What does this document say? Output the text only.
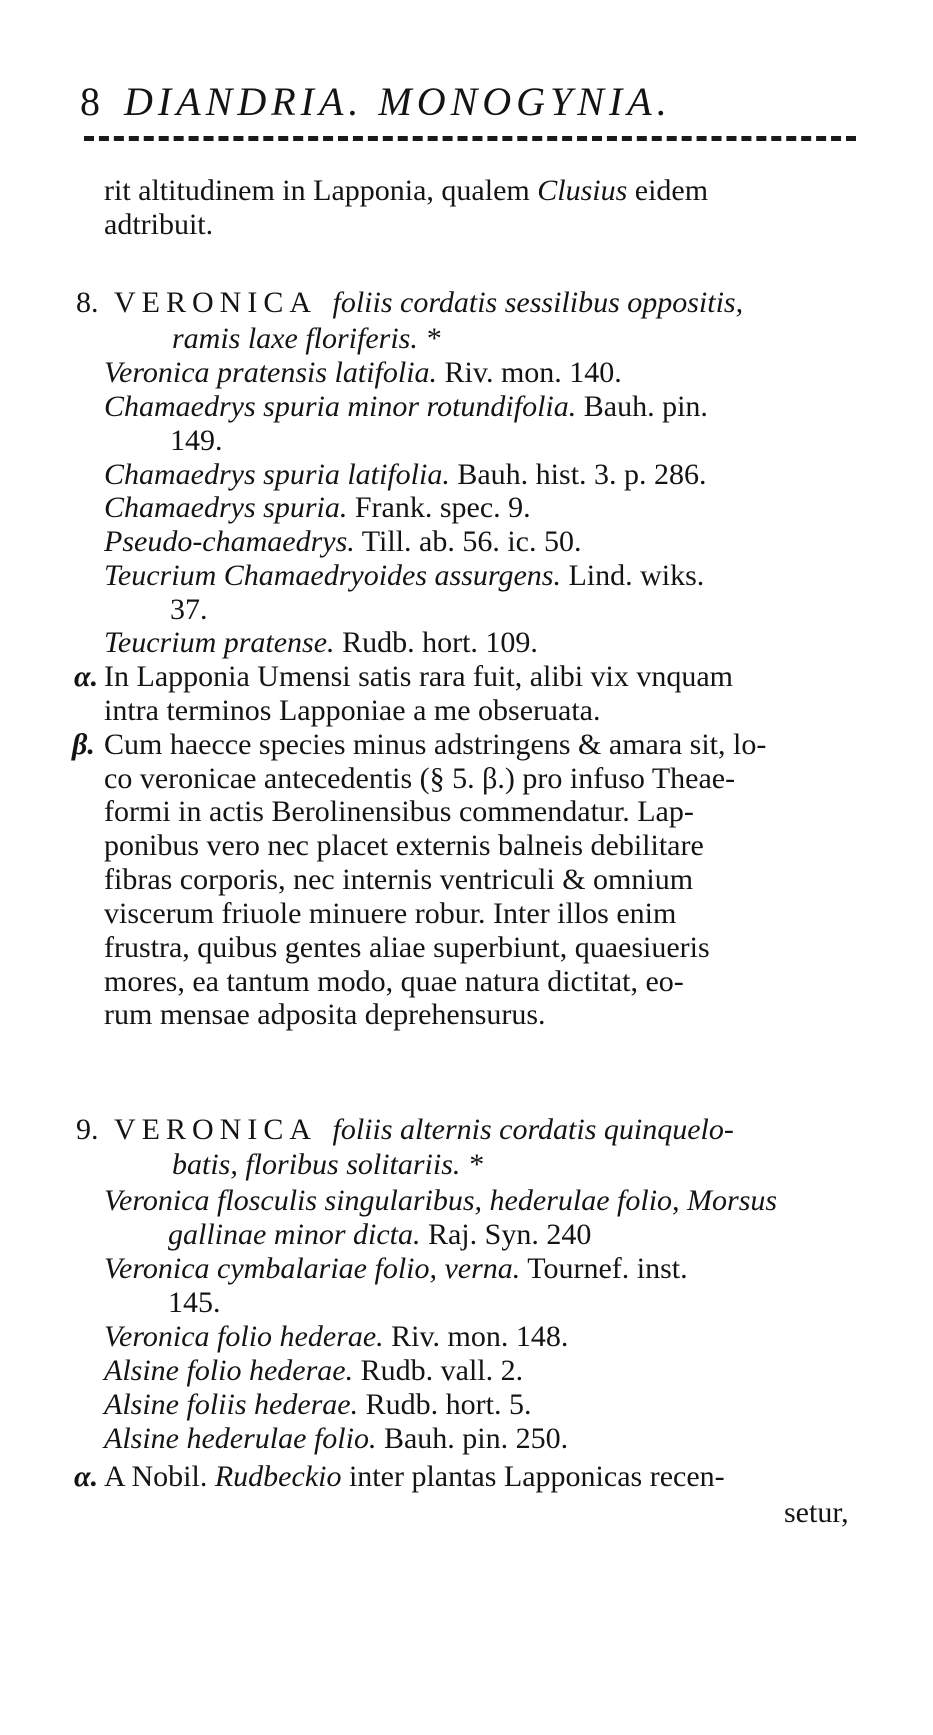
8 DIANDRIA. MONOGYNIA.
rit altitudinem in Lapponia, qualem Clusius eidem
adtribuit.
8. VERONICA foliis cordatis sessilibus oppositis,
ramis laxe floriferis. *
Veronica pratensis latifolia. Riv. mon. 140.
Chamaedrys spuria minor rotundifolia. Bauh. pin.
149.
Chamaedrys spuria latifolia. Bauh. hist. 3. p. 286.
Chamaedrys spuria. Frank. spec. 9.
Pseudo-chamaedrys. Till. ab. 56. ic. 50.
Teucrium Chamaedryoides assurgens. Lind. wiks.
37.
Teucrium pratense. Rudb. hort. 109.
α. In Lapponia Umensi satis rara fuit, alibi vix vnquam
intra terminos Lapponiae a me obseruata.
β. Cum haecce species minus adstringens & amara sit, lo-
co veronicae antecedentis (§ 5. β.) pro infuso Theae-
formi in actis Berolinensibus commendatur. Lap-
ponibus vero nec placet externis balneis debilitare
fibras corporis, nec internis ventriculi & omnium
viscerum friuole minuere robur. Inter illos enim
frustra, quibus gentes aliae superbiunt, quaesiueris
mores, ea tantum modo, quae natura dictitat, eo-
rum mensae adposita deprehensurus.
9. VERONICA foliis alternis cordatis quinquelo-
batis, floribus solitariis. *
Veronica flosculis singularibus, hederulae folio, Morsus
gallinae minor dicta. Raj. Syn. 240
Veronica cymbalariae folio, verna. Tournef. inst.
145.
Veronica folio hederae. Riv. mon. 148.
Alsine folio hederae. Rudb. vall. 2.
Alsine foliis hederae. Rudb. hort. 5.
Alsine hederulae folio. Bauh. pin. 250.
α. A Nobil. Rudbeckio inter plantas Lapponicas recen-
setur,
